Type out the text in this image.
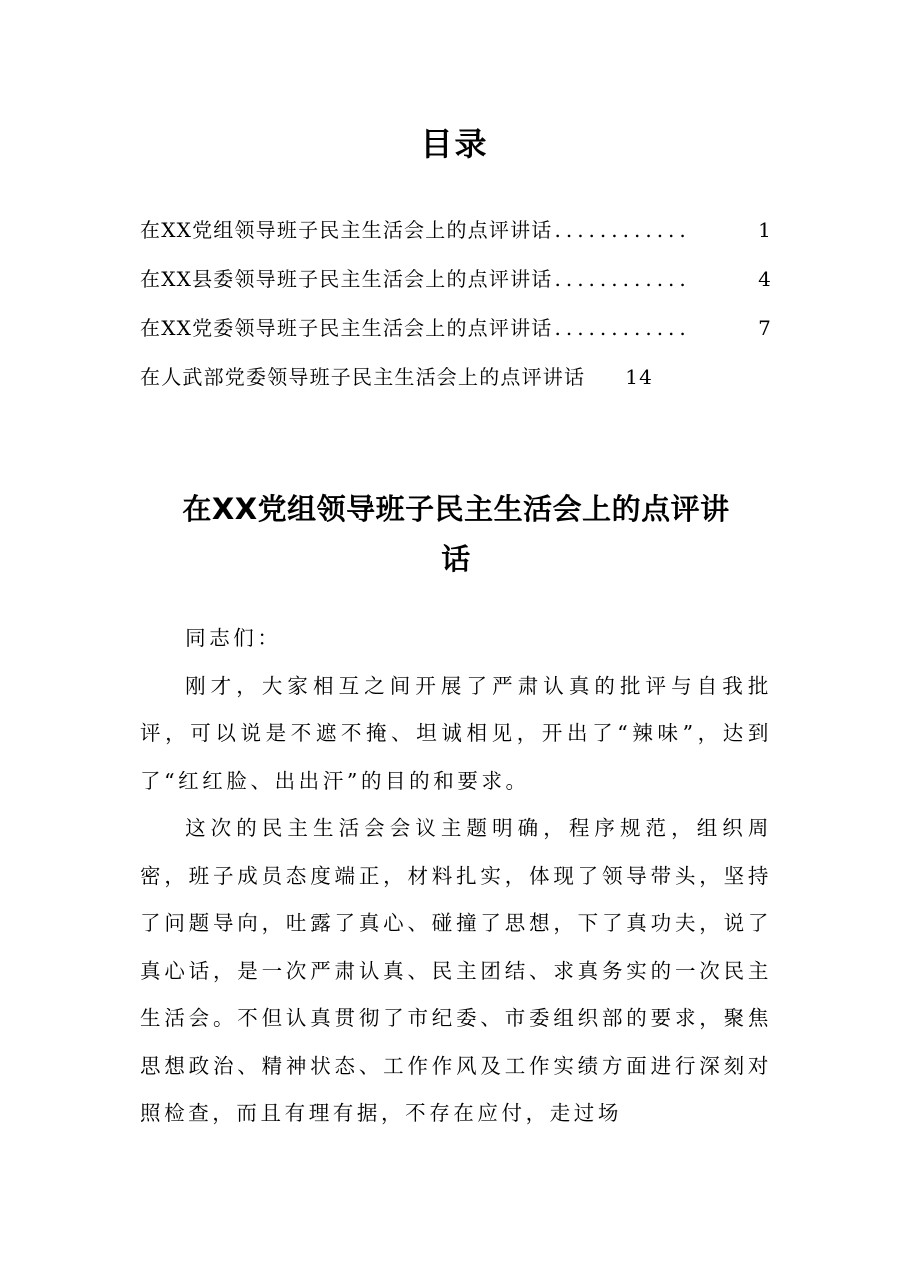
目录
在XX党组领导班子民主生活会上的点评讲话 ............	1
在XX县委领导班子民主生活会上的点评讲话 ............	4
在XX党委领导班子民主生活会上的点评讲话 ............	7
在人武部党委领导班子民主生活会上的点评讲话 14
在XX党组领导班子民主生活会上的点评讲
话

同志们：

刚才，大家相互之间开展了严肃认真的批评与自我批评，可以说是不遮不掩、坦诚相见，开出了“辣味”，达到了“红红脸、出出汗”的目的和要求。

这次的民主生活会会议主题明确，程序规范，组织周密，班子成员态度端正，材料扎实，体现了领导带头，坚持了问题导向，吐露了真心、碰撞了思想，下了真功夫，说了真心话，是一次严肃认真、民主团结、求真务实的一次民主生活会。不但认真贯彻了市纪委、市委组织部的要求，聚焦思想政治、精神状态、工作作风及工作实绩方面进行深刻对照检查，而且有理有据，不存在应付，走过场
